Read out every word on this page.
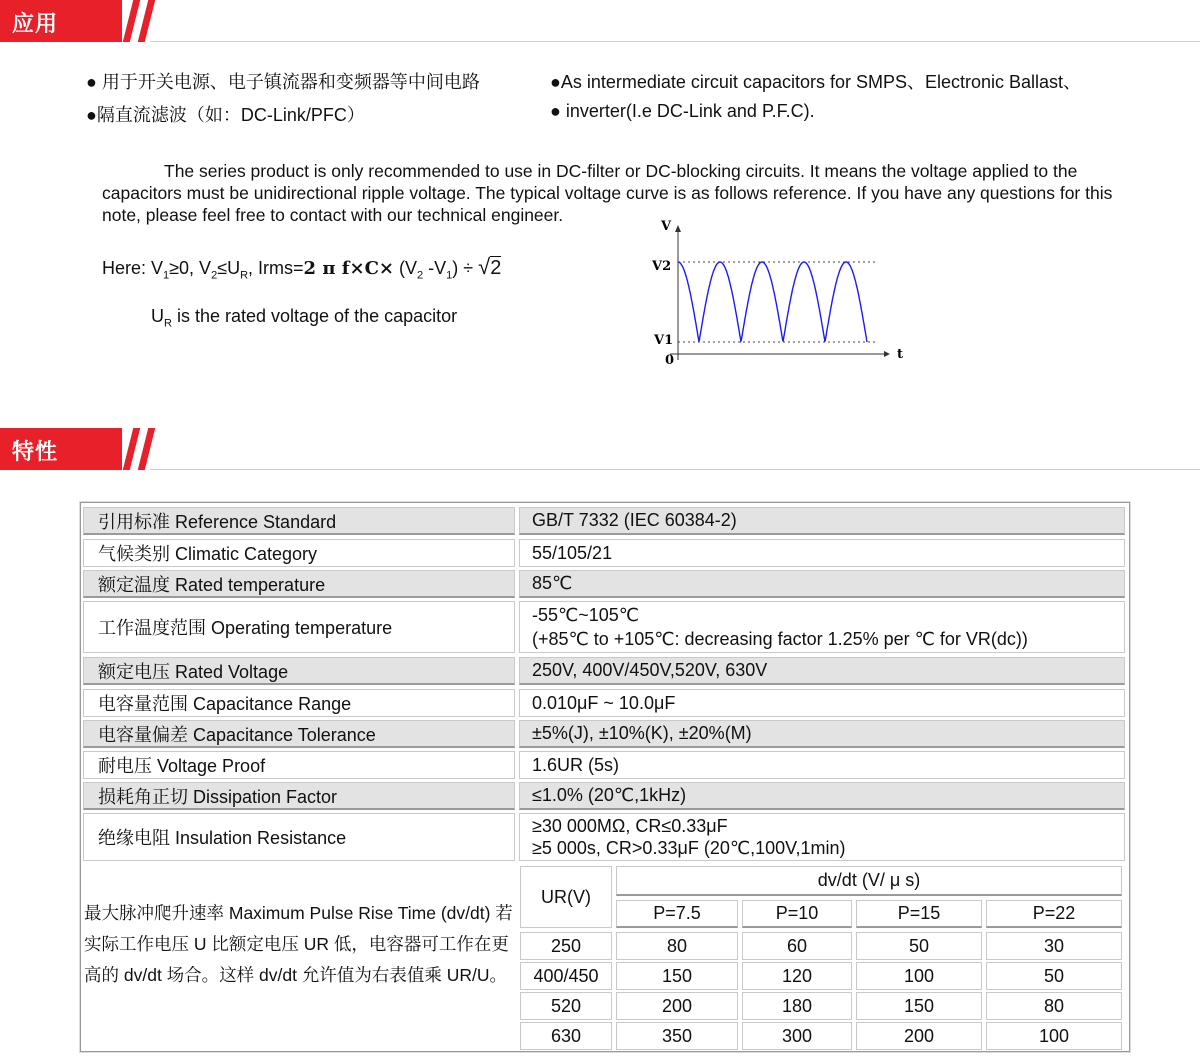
应用
● 用于开关电源、电子镇流器和变频器等中间电路
●隔直流滤波（如：DC-Link/PFC）
●As intermediate circuit capacitors for SMPS、Electronic Ballast、
● inverter(I.e DC-Link and P.F.C).
The series product is only recommended to use in DC-filter or DC-blocking circuits. It means the voltage applied to the capacitors must be unidirectional ripple voltage. The typical voltage curve is as follows reference. If you have any questions for this note, please feel free to contact with our technical engineer.
Here: $V_1\ge 0$, $V_2\le U_R$, Irms=2 π $f\times C\times (V_2$ $-V_1) \div √2$
$U_R$ is the rated voltage of the capacitor
V
t
V2
V1
0
特性
引用标准 Reference Standard	GB/T 7332 (IEC 60384-2)
气候类别 Climatic Category	55/105/21
额定温度 Rated temperature	85℃
工作温度范围 Operating temperature
-55℃~105℃
(+85℃ to +105℃: decreasing factor 1.25% per ℃ for VR(dc))
额定电压 Rated Voltage	250V, 400V/450V,520V, 630V
电容量范围 Capacitance Range	0.010μF ~ 10.0μF
电容量偏差 Capacitance Tolerance	±5%(J), ±10%(K), ±20%(M)
耐电压 Voltage Proof	1.6UR (5s)
损耗角正切 Dissipation Factor	≤1.0% (20℃,1kHz)
绝缘电阻 Insulation Resistance
≥30 000MΩ, CR≤0.33μF
≥5 000s, CR>0.33μF (20℃,100V,1min)
最大脉冲爬升速率 Maximum Pulse Rise Time (dv/dt) 若实际工作电压 U 比额定电压 UR 低，电容器可工作在更高的 dv/dt 场合。这样 dv/dt 允许值为右表值乘 UR/U。
UR(V)
dv/dt (V/ μ s)
P=7.5	P=10	P=15	P=22
250	80	60	50	30
400/450	150	120	100	50
520	200	180	150	80
630	350	300	200	100
